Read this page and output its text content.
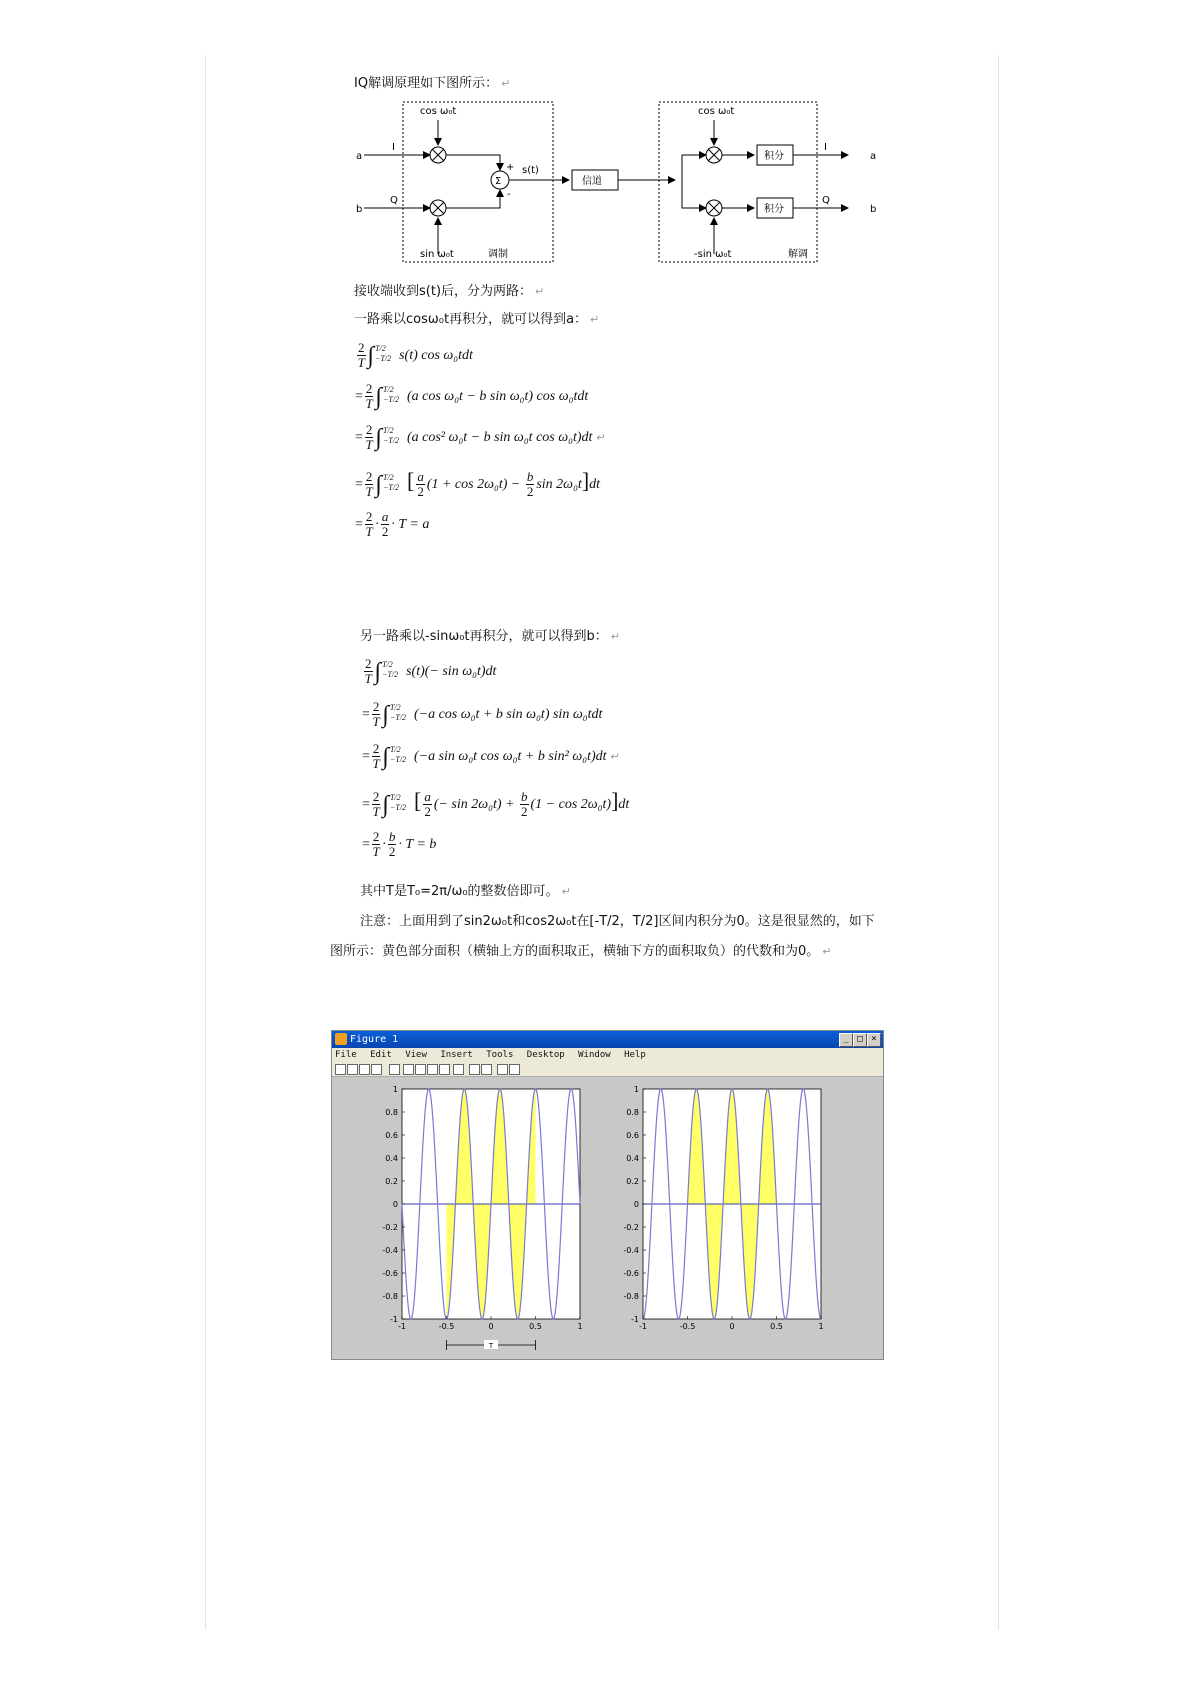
IQ解调原理如下图所示： ↵
cos ω₀t
sin ω₀t
I
Q
a
b
+
-
Σ
调制
s(t)
信道
cos ω₀t
-sin ω₀t
积分
积分
I
Q
a
b
解调
接收端收到s(t)后，分为两路： ↵
一路乘以cosω₀t再积分，就可以得到a： ↵
$\frac{2}{T}$ ∫ T/2
−T/2 s(t) cos ω₀tdt
= $\frac{2}{T}$ ∫ T/2
−T/2 (a cos ω₀t − b sin ω₀t) cos ω₀tdt
= $\frac{2}{T}$ ∫ T/2
−T/2 (a cos² ω₀t − b sin ω₀t cos ω₀t)dt ↵
= $\frac{2}{T}$ ∫ T/2
−T/2 [ $\frac{a}{2} (1 + \cos 2\omega_0t) - \frac{b}{2}$ sin 2ω₀t]dt
= $\frac{2}{T} \cdot \frac{a}{2} \cdot T = a$
另一路乘以-sinω₀t再积分，就可以得到b： ↵
$\frac{2}{T}$ ∫ T/2
−T/2 s(t)(− sin ω₀t)dt
= $\frac{2}{T}$ ∫ T/2
−T/2 (−a cos ω₀t + b sin ω₀t) sin ω₀tdt
= $\frac{2}{T}$ ∫ T/2
−T/2 (−a sin ω₀t cos ω₀t + b sin² ω₀t)dt ↵
= $\frac{2}{T}$ ∫ T/2
−T/2 [ $\frac{a}{2}$ (− $\sin 2\omega_0t) + \frac{b}{2} (1 - \cos 2\omega_0t)]dt$
= $\frac{2}{T} \cdot \frac{b}{2} \cdot T = b$
其中T是T₀=2π/ω₀的整数倍即可。 ↵
注意：上面用到了sin2ω₀t和cos2ω₀t在[-T/2，T/2]区间内积分为0。这是很显然的，如下
图所示：黄色部分面积（横轴上方的面积取正，横轴下方的面积取负）的代数和为0。 ↵
Figure 1	_ □ ×
File Edit View Insert Tools Desktop Window Help
1
0.8
0.6
0.4
0.2
0
-0.2
-0.4
-0.6
-0.8
-1
-1	-0.5	0	0.5	1
1
0.8
0.6
0.4
0.2
0
-0.2
-0.4
-0.6
-0.8
-1
-1	-0.5	0	0.5	1
T
